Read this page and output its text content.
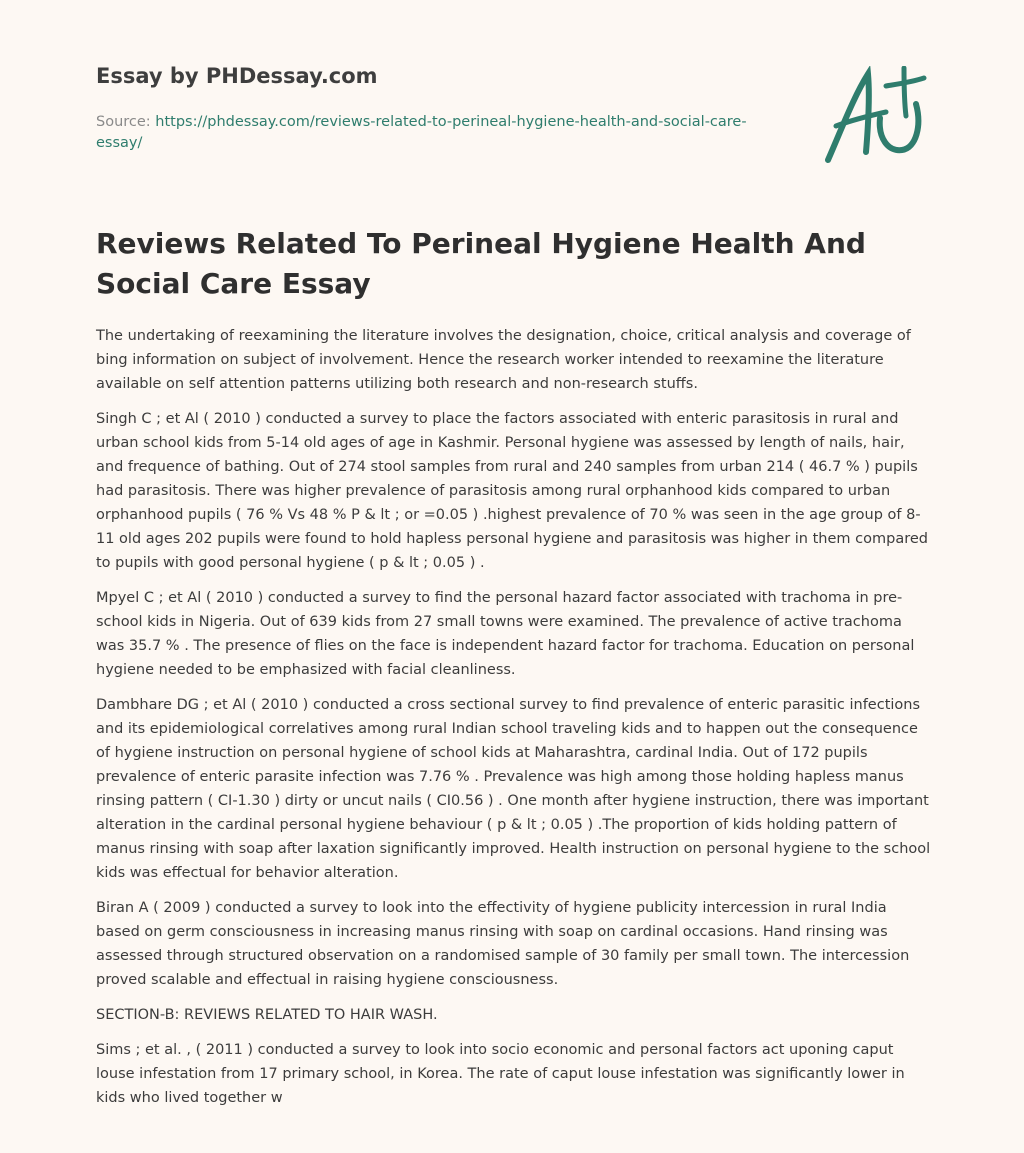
Essay by PHDessay.com
Source: https://phdessay.com/reviews-related-to-perineal-hygiene-health-and-social-care-essay/	A+
Reviews Related To Perineal Hygiene Health And Social Care Essay

The undertaking of reexamining the literature involves the designation, choice, critical analysis and coverage of bing information on subject of involvement. Hence the research worker intended to reexamine the literature available on self attention patterns utilizing both research and non-research stuffs.

Singh C ; et Al ( 2010 ) conducted a survey to place the factors associated with enteric parasitosis in rural and urban school kids from 5-14 old ages of age in Kashmir. Personal hygiene was assessed by length of nails, hair, and frequence of bathing. Out of 274 stool samples from rural and 240 samples from urban 214 ( 46.7 % ) pupils had parasitosis. There was higher prevalence of parasitosis among rural orphanhood kids compared to urban orphanhood pupils ( 76 % Vs 48 % P & lt ; or =0.05 ) .highest prevalence of 70 % was seen in the age group of 8-11 old ages 202 pupils were found to hold hapless personal hygiene and parasitosis was higher in them compared to pupils with good personal hygiene ( p & lt ; 0.05 ) .

Mpyel C ; et Al ( 2010 ) conducted a survey to find the personal hazard factor associated with trachoma in pre-school kids in Nigeria. Out of 639 kids from 27 small towns were examined. The prevalence of active trachoma was 35.7 % . The presence of flies on the face is independent hazard factor for trachoma. Education on personal hygiene needed to be emphasized with facial cleanliness.

Dambhare DG ; et Al ( 2010 ) conducted a cross sectional survey to find prevalence of enteric parasitic infections and its epidemiological correlatives among rural Indian school traveling kids and to happen out the consequence of hygiene instruction on personal hygiene of school kids at Maharashtra, cardinal India. Out of 172 pupils prevalence of enteric parasite infection was 7.76 % . Prevalence was high among those holding hapless manus rinsing pattern ( CI-1.30 ) dirty or uncut nails ( CI0.56 ) . One month after hygiene instruction, there was important alteration in the cardinal personal hygiene behaviour ( p & lt ; 0.05 ) .The proportion of kids holding pattern of manus rinsing with soap after laxation significantly improved. Health instruction on personal hygiene to the school kids was effectual for behavior alteration.

Biran A ( 2009 ) conducted a survey to look into the effectivity of hygiene publicity intercession in rural India based on germ consciousness in increasing manus rinsing with soap on cardinal occasions. Hand rinsing was assessed through structured observation on a randomised sample of 30 family per small town. The intercession proved scalable and effectual in raising hygiene consciousness.

SECTION-B: REVIEWS RELATED TO HAIR WASH.

Sims ; et al. , ( 2011 ) conducted a survey to look into socio economic and personal factors act uponing caput louse infestation from 17 primary school, in Korea. The rate of caput louse infestation was significantly lower in kids who lived together w
